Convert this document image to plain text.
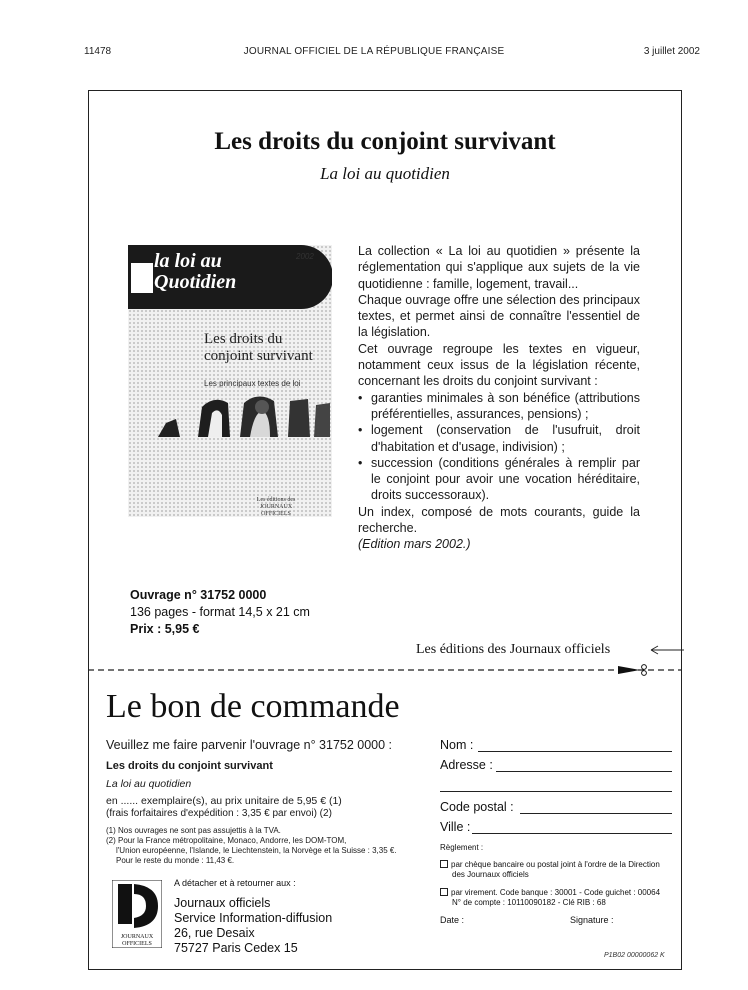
11478	JOURNAL OFFICIEL DE LA RÉPUBLIQUE FRANÇAISE	3 juillet 2002
Les droits du conjoint survivant
La loi au quotidien
la loi au Quotidien
2002
Les droits du conjoint survivant
Les principaux textes de loi
Les éditions des JOURNAUX OFFICIELS

La collection « La loi au quotidien » présente la réglementation qui s'applique aux sujets de la vie quotidienne : famille, logement, travail...

Chaque ouvrage offre une sélection des principaux textes, et permet ainsi de connaître l'essentiel de la législation.

Cet ouvrage regroupe les textes en vigueur, notamment ceux issus de la législation récente, concernant les droits du conjoint survivant :

• garanties minimales à son bénéfice (attributions préférentielles, assurances, pensions) ;
• logement (conservation de l'usufruit, droit d'habitation et d'usage, indivision) ;
• succession (conditions générales à remplir par le conjoint pour avoir une vocation héréditaire, droits successoraux).

Un index, composé de mots courants, guide la recherche.

(Edition mars 2002.)

Ouvrage n° 31752 0000
136 pages - format 14,5 x 21 cm
Prix : 5,95 €
Les éditions des Journaux officiels
Le bon de commande
Veuillez me faire parvenir l'ouvrage n° 31752 0000 :
Les droits du conjoint survivant
La loi au quotidien
en ...... exemplaire(s), au prix unitaire de 5,95 € (1)
(frais forfaitaires d'expédition : 3,35 € par envoi) (2)
(1) Nos ouvrages ne sont pas assujettis à la TVA.
(2) Pour la France métropolitaine, Monaco, Andorre, les DOM-TOM,
l'Union européenne, l'Islande, le Liechtenstein, la Norvège et la Suisse : 3,35 €.
Pour le reste du monde : 11,43 €.
JOURNAUX
OFFICIELS
A détacher et à retourner aux :
Journaux officiels
Service Information-diffusion
26, rue Desaix
75727 Paris Cedex 15
Nom :
Adresse :
Code postal :
Ville :
Règlement :
par chèque bancaire ou postal joint à l'ordre de la Direction
des Journaux officiels
par virement. Code banque : 30001 - Code guichet : 00064
N° de compte : 10110090182 - Clé RIB : 68
Date :	Signature :
P1B02 00000062 K
